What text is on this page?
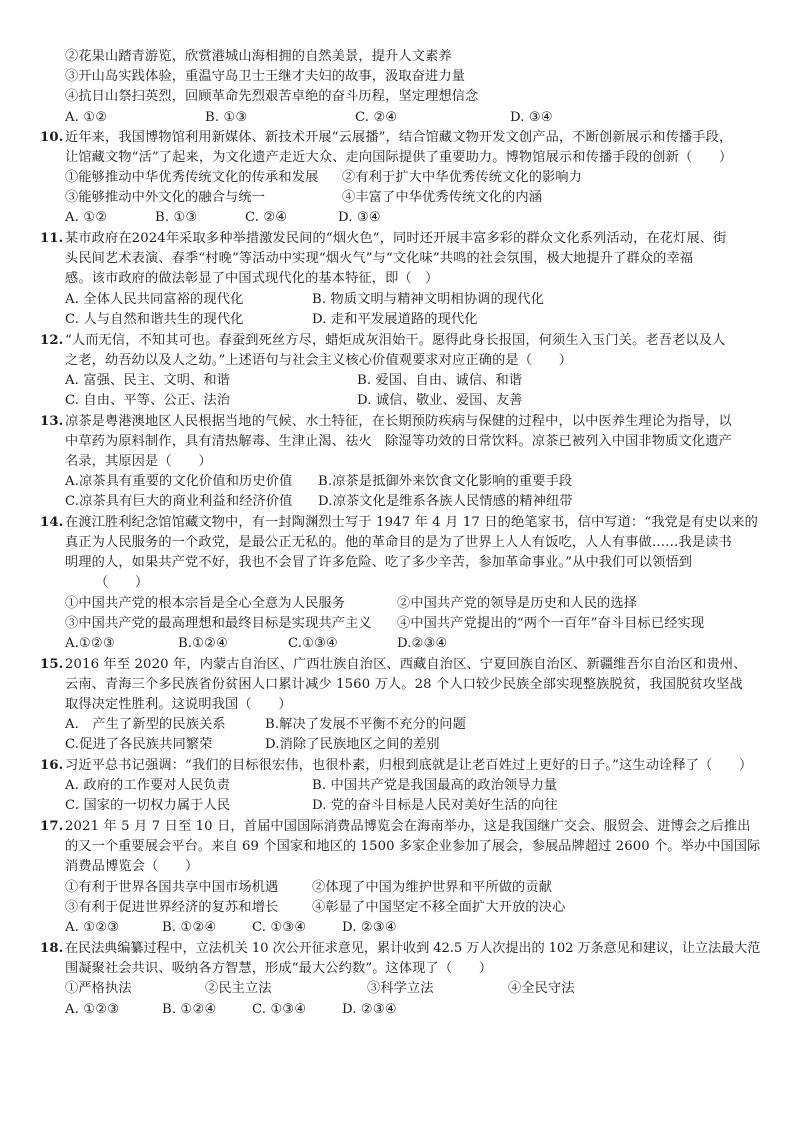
②花果山踏青游览，欣赏港城山海相拥的自然美景，提升人文素养
③开山岛实践体验，重温守岛卫士王继才夫妇的故事，汲取奋进力量
④抗日山祭扫英烈，回顾革命先烈艰苦卓绝的奋斗历程，坚定理想信念
A. ①②	B. ①③	C. ②④	D. ③④
10. 近年来，我国博物馆利用新媒体、新技术开展“云展播”，结合馆藏文物开发文创产品，不断创新展示和传播手段，
让馆藏文物“活”了起来，为文化遗产走近大众、走向国际提供了重要助力。博物馆展示和传播手段的创新（　　）
①能够推动中华优秀传统文化的传承和发展 ②有利于扩大中华优秀传统文化的影响力
③能够推动中外文化的融合与统一	④丰富了中华优秀传统文化的内涵
A. ①②	B. ①③	C. ②④	D. ③④
11. 某市政府在2024年采取多种举措激发民间的“烟火色”，同时还开展丰富多彩的群众文化系列活动，在花灯展、街
头民间艺术表演、春季“村晚”等活动中实现“烟火气”与“文化味”共鸣的社会氛围，极大地提升了群众的幸福
感。该市政府的做法彰显了中国式现代化的基本特征，即（　）
A. 全体人民共同富裕的现代化	B. 物质文明与精神文明相协调的现代化
C. 人与自然和谐共生的现代化	D. 走和平发展道路的现代化
12. “人而无信，不知其可也。春蚕到死丝方尽，蜡炬成灰泪始干。愿得此身长报国，何须生入玉门关。老吾老以及人
之老，幼吾幼以及人之幼。”上述语句与社会主义核心价值观要求对应正确的是（　　）
A. 富强、民主、文明、和谐	B. 爱国、自由、诚信、和谐
C. 自由、平等、公正、法治	D. 诚信、敬业、爱国、友善
13. 凉茶是粤港澳地区人民根据当地的气候、水土特征，在长期预防疾病与保健的过程中，以中医养生理论为指导，以
中草药为原料制作，具有清热解毒、生津止渴、祛火　除湿等功效的日常饮料。凉茶已被列入中国非物质文化遗产
名录，其原因是（　　）
A.凉茶具有重要的文化价值和历史价值 B.凉茶是抵御外来饮食文化影响的重要手段
C.凉茶具有巨大的商业利益和经济价值 D.凉茶文化是维系各族人民情感的精神纽带
14. 在渡江胜利纪念馆馆藏文物中，有一封陶渊烈士写于 1947 年 4 月 17 日的绝笔家书，信中写道：“我党是有史以来的
真正为人民服务的一个政党，是最公正无私的。他的革命目的是为了世界上人人有饭吃，人人有事做……我是读书
明理的人，如果共产党不好，我也不会冒了许多危险、吃了多少辛苦，参加革命事业。”从中我们可以领悟到
（　　）
①中国共产党的根本宗旨是全心全意为人民服务	②中国共产党的领导是历史和人民的选择
③中国共产党的最高理想和最终目标是实现共产主义 ④中国共产党提出的“两个一百年”奋斗目标已经实现
A.①②③	B.①②④	C.①③④	D.②③④
15. 2016 年至 2020 年，内蒙古自治区、广西壮族自治区、西藏自治区、宁夏回族自治区、新疆维吾尔自治区和贵州、
云南、青海三个多民族省份贫困人口累计减少 1560 万人。28 个人口较少民族全部实现整族脱贫，我国脱贫攻坚战
取得决定性胜利。这说明我国（　　）
A.　产生了新型的民族关系	B.解决了发展不平衡不充分的问题
C.促进了各民族共同繁荣	D.消除了民族地区之间的差别
16. 习近平总书记强调：“我们的目标很宏伟，也很朴素，归根到底就是让老百姓过上更好的日子。”这生动诠释了（　　）
A. 政府的工作要对人民负责	B. 中国共产党是我国最高的政治领导力量
C. 国家的一切权力属于人民	D. 党的奋斗目标是人民对美好生活的向往
17. 2021 年 5 月 7 日至 10 日，首届中国国际消费品博览会在海南举办，这是我国继广交会、服贸会、进博会之后推出
的又一个重要展会平台。来自 69 个国家和地区的 1500 多家企业参加了展会，参展品牌超过 2600 个。举办中国国际
消费品博览会（　　）
①有利于世界各国共享中国市场机遇	②体现了中国为维护世界和平所做的贡献
③有利于促进世界经济的复苏和增长	④彰显了中国坚定不移全面扩大开放的决心
A. ①②③	B. ①②④	C. ①③④	D. ②③④
18. 在民法典编纂过程中，立法机关 10 次公开征求意见，累计收到 42.5 万人次提出的 102 万条意见和建议，让立法最大范
围凝聚社会共识、吸纳各方智慧，形成“最大公约数”。这体现了（　　）
①严格执法	②民主立法	③科学立法	④全民守法
A. ①②③	B. ①②④	C. ①③④	D. ②③④
